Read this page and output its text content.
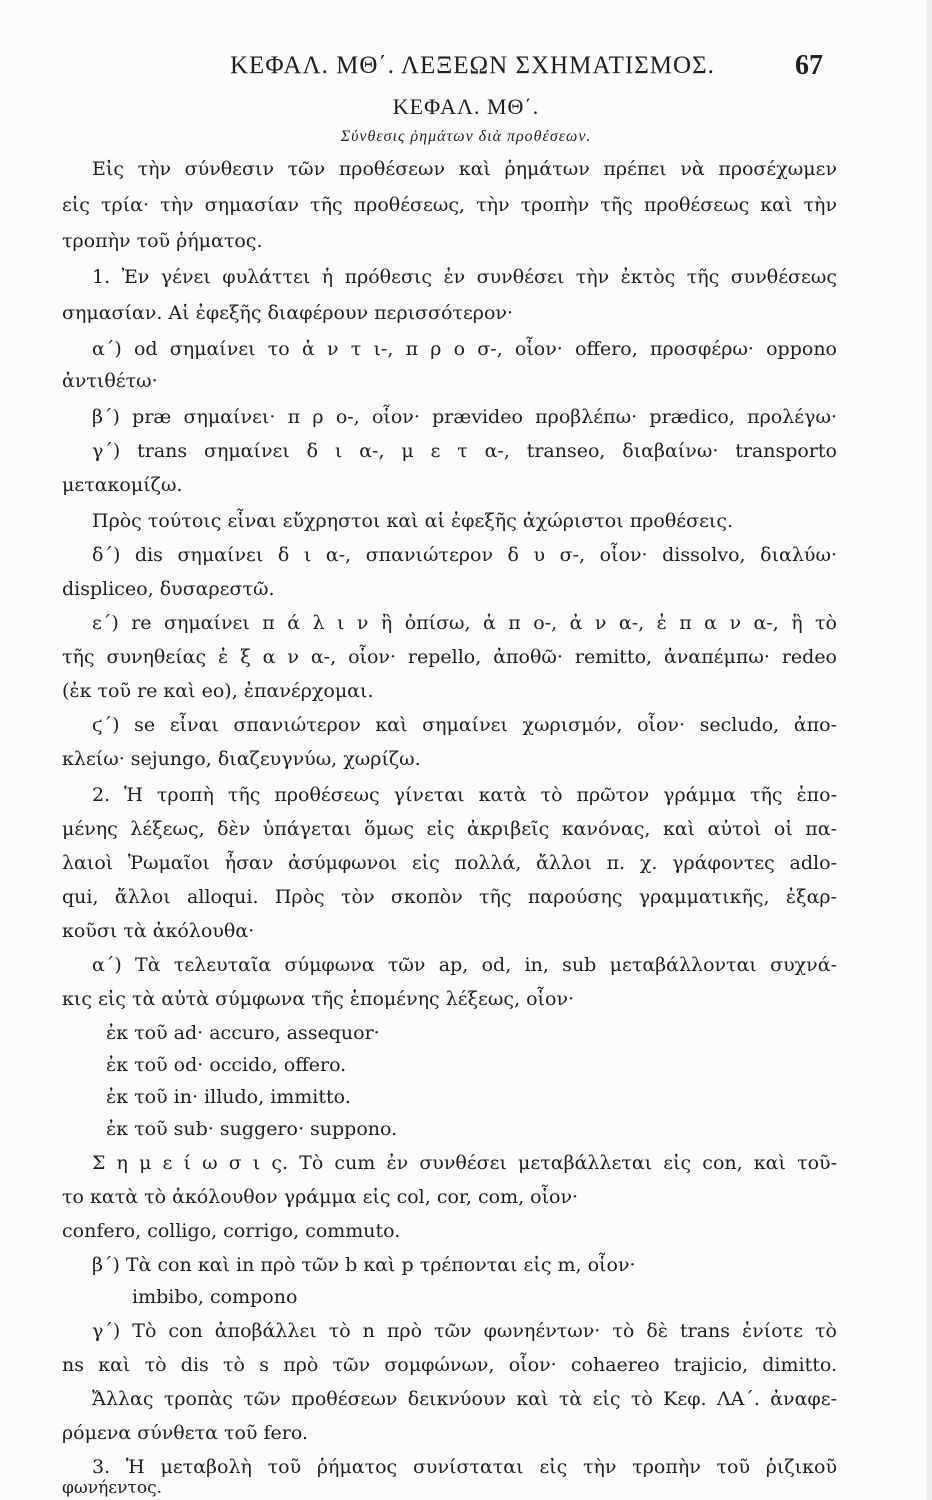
ΚΕΦΑΛ. ΜΘ΄. ΛΕΞΕΩΝ ΣΧΗΜΑΤΙΣΜΟΣ.	67
ΚΕΦΑΛ. ΜΘ΄.
Σύνθεσις ῥημάτων διὰ προθέσεων.
Εἰς τὴν σύνθεσιν τῶν προθέσεων καὶ ῥημάτων πρέπει νὰ προσέχωμεν
εἰς τρία· τὴν σημασίαν τῆς προθέσεως, τὴν τροπὴν τῆς προθέσεως καὶ τὴν
τροπὴν τοῦ ῥήματος.
1. Ἐν γένει φυλάττει ἡ πρόθεσις ἐν συνθέσει τὴν ἐκτὸς τῆς συνθέσεως
σημασίαν. Αἱ ἐφεξῆς διαφέρουν περισσότερον·
α΄) od σημαίνει το ἀ ν τ ι-, π ρ ο σ-, οἷον· offero, προσφέρω· oppono
ἀντιθέτω·
β΄) præ σημαίνει· π ρ ο-, οἷον· prævideo προβλέπω· prædico, προλέγω·
γ΄) trans σημαίνει δ ι α-, μ ε τ α-, transeo, διαβαίνω· transporto
μετακομίζω.
Πρὸς τούτοις εἶναι εὔχρηστοι καὶ αἱ ἐφεξῆς ἀχώριστοι προθέσεις.
δ΄) dis σημαίνει δ ι α-, σπανιώτερον δ υ σ-, οἷον· dissolvo, διαλύω·
displiceo, δυσαρεστῶ.
ε΄) re σημαίνει π ά λ ι ν ἢ ὀπίσω, ἀ π ο-, ἀ ν α-, ἐ π α ν α-, ἢ τὸ
τῆς συνηθείας ἐ ξ α ν α-, οἷον· repello, ἀποθῶ· remitto, ἀναπέμπω· redeo
(ἐκ τοῦ re καὶ eo), ἐπανέρχομαι.
ϛ΄) se εἶναι σπανιώτερον καὶ σημαίνει χωρισμόν, οἷον· secludo, ἀπο-
κλείω· sejungo, διαζευγνύω, χωρίζω.
2. Ἡ τροπὴ τῆς προθέσεως γίνεται κατὰ τὸ πρῶτον γράμμα τῆς ἑπο-
μένης λέξεως, δὲν ὑπάγεται ὅμως εἰς ἀκριβεῖς κανόνας, καὶ αὐτοὶ οἱ πα-
λαιοὶ Ῥωμαῖοι ἦσαν ἀσύμφωνοι εἰς πολλά, ἄλλοι π. χ. γράφοντες adlo-
qui, ἄλλοι alloqui. Πρὸς τὸν σκοπὸν τῆς παρούσης γραμματικῆς, ἐξαρ-
κοῦσι τὰ ἀκόλουθα·
α΄) Τὰ τελευταῖα σύμφωνα τῶν ap, od, in, sub μεταβάλλονται συχνά-
κις εἰς τὰ αὐτὰ σύμφωνα τῆς ἑπομένης λέξεως, οἷον·
ἐκ τοῦ ad· accuro, assequor·
ἐκ τοῦ od· occido, offero.
ἐκ τοῦ in· illudo, immitto.
ἐκ τοῦ sub· suggero· suppono.
Σ η μ ε ί ω σ ι ς. Τὸ cum ἐν συνθέσει μεταβάλλεται εἰς con, καὶ τοῦ-
το κατὰ τὸ ἀκόλουθον γράμμα εἰς col, cor, com, οἷον·
confero, colligo, corrigo, commuto.
β΄) Τὰ con καὶ in πρὸ τῶν b καὶ p τρέπονται εἰς m, οἷον·
imbibo, compono
γ΄) Τὸ con ἀποβάλλει τὸ n πρὸ τῶν φωνηέντων· τὸ δὲ trans ἐνίοτε τὸ
ns καὶ τὸ dis τὸ s πρὸ τῶν σομφώνων, οἷον· cohaereo trajicio, dimitto.
Ἄλλας τροπὰς τῶν προθέσεων δεικνύουν καὶ τὰ εἰς τὸ Κεφ. ΛΑ΄. ἀναφε-
ρόμενα σύνθετα τοῦ fero.
3. Ἡ μεταβολὴ τοῦ ῥήματος συνίσταται εἰς τὴν τροπὴν τοῦ ῥιζικοῦ
φωνήεντος.
